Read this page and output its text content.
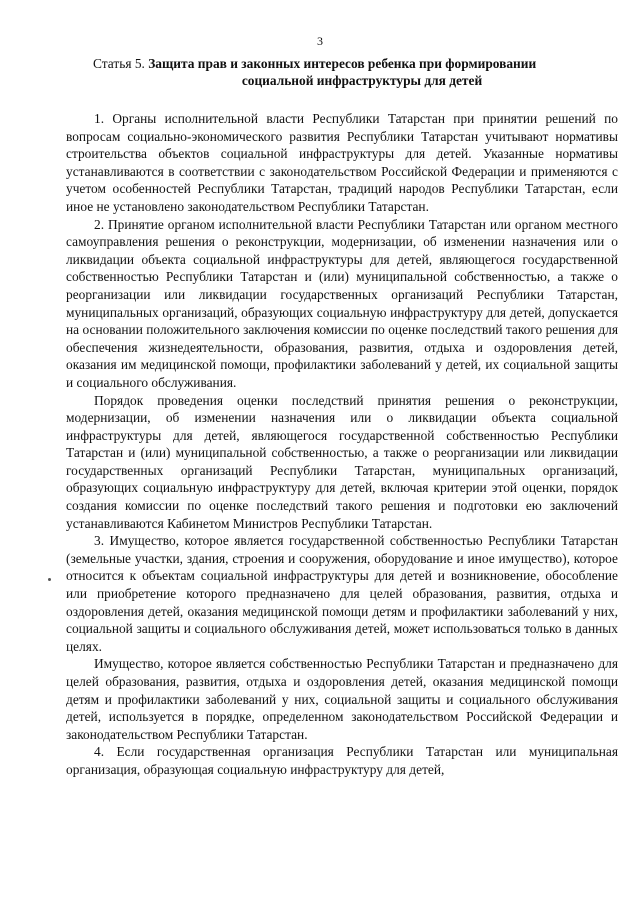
3
Статья 5. Защита прав и законных интересов ребенка при формировании
социальной инфраструктуры для детей

1. Органы исполнительной власти Республики Татарстан при принятии решений по вопросам социально-экономического развития Республики Татарстан учитывают нормативы строительства объектов социальной инфраструктуры для детей. Указанные нормативы устанавливаются в соответствии с законодательством Российской Федерации и применяются с учетом особенностей Республики Татарстан, традиций народов Республики Татарстан, если иное не установлено законодательством Республики Татарстан.

2. Принятие органом исполнительной власти Республики Татарстан или органом местного самоуправления решения о реконструкции, модернизации, об изменении назначения или о ликвидации объекта социальной инфраструктуры для детей, являющегося государственной собственностью Республики Татарстан и (или) муниципальной собственностью, а также о реорганизации или ликвидации государственных организаций Республики Татарстан, муниципальных организаций, образующих социальную инфраструктуру для детей, допускается на основании положительного заключения комиссии по оценке последствий такого решения для обеспечения жизнедеятельности, образования, развития, отдыха и оздоровления детей, оказания им медицинской помощи, профилактики заболеваний у детей, их социальной защиты и социального обслуживания.

Порядок проведения оценки последствий принятия решения о реконструкции, модернизации, об изменении назначения или о ликвидации объекта социальной инфраструктуры для детей, являющегося государственной собственностью Республики Татарстан и (или) муниципальной собственностью, а также о реорганизации или ликвидации государственных организаций Республики Татарстан, муниципальных организаций, образующих социальную инфраструктуру для детей, включая критерии этой оценки, порядок создания комиссии по оценке последствий такого решения и подготовки ею заключений устанавливаются Кабинетом Министров Республики Татарстан.

3. Имущество, которое является государственной собственностью Республики Татарстан (земельные участки, здания, строения и сооружения, оборудование и иное имущество), которое относится к объектам социальной инфраструктуры для детей и возникновение, обособление или приобретение которого предназначено для целей образования, развития, отдыха и оздоровления детей, оказания медицинской помощи детям и профилактики заболеваний у них, социальной защиты и социального обслуживания детей, может использоваться только в данных целях.

Имущество, которое является собственностью Республики Татарстан и предназначено для целей образования, развития, отдыха и оздоровления детей, оказания медицинской помощи детям и профилактики заболеваний у них, социальной защиты и социального обслуживания детей, используется в порядке, определенном законодательством Российской Федерации и законодательством Республики Татарстан.

4. Если государственная организация Республики Татарстан или муниципальная организация, образующая социальную инфраструктуру для детей,
